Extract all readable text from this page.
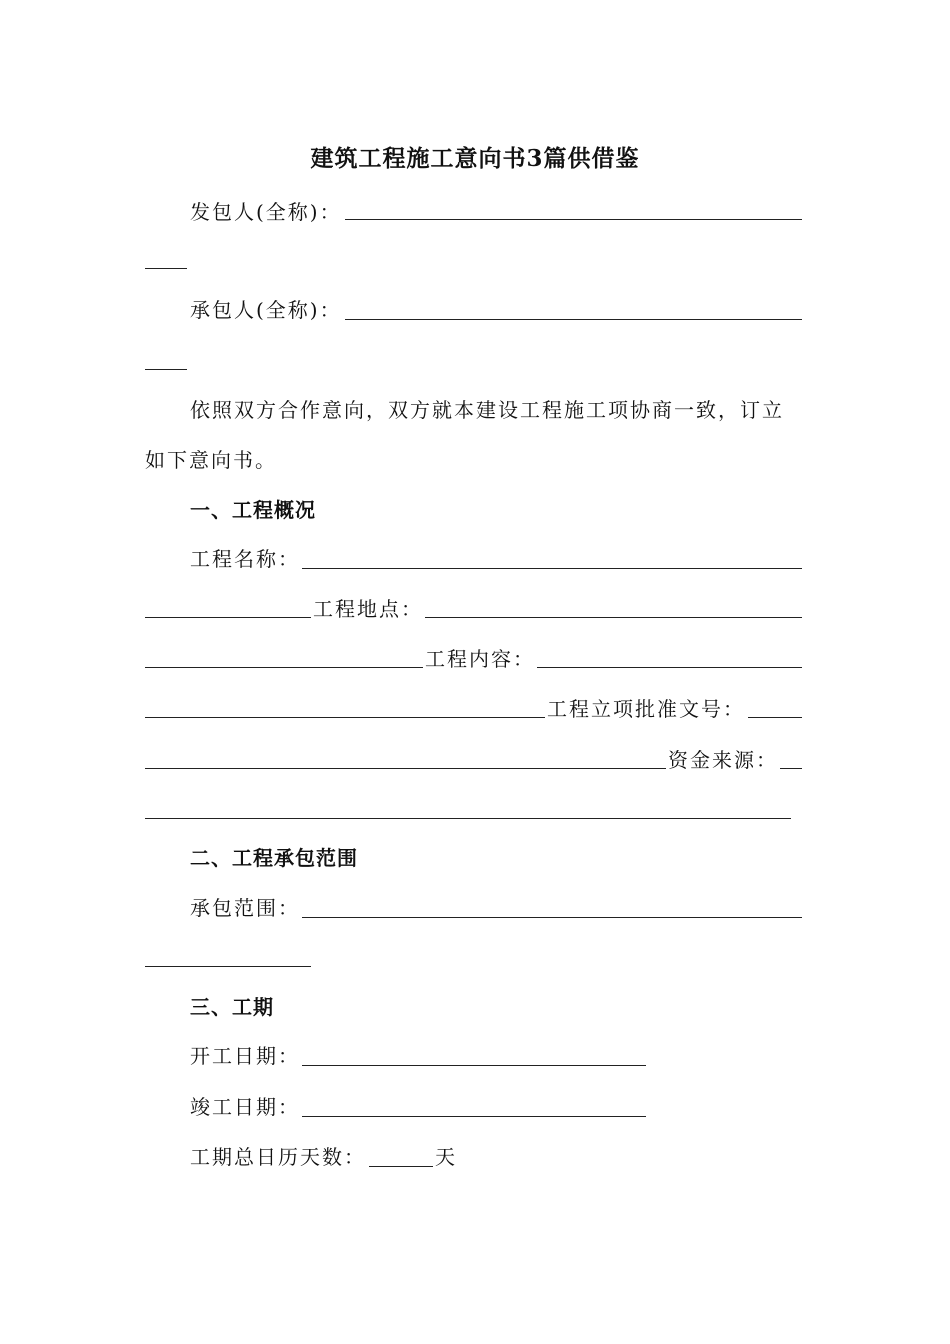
建筑工程施工意向书3篇供借鉴
发包人(全称)：
承包人(全称)：
依照双方合作意向，双方就本建设工程施工项协商一致，订立
如下意向书。
一、工程概况
工程名称：
工程地点：
工程内容：
工程立项批准文号：
资金来源：
二、工程承包范围
承包范围：
三、工期
开工日期：
竣工日期：
工期总日历天数：	天
